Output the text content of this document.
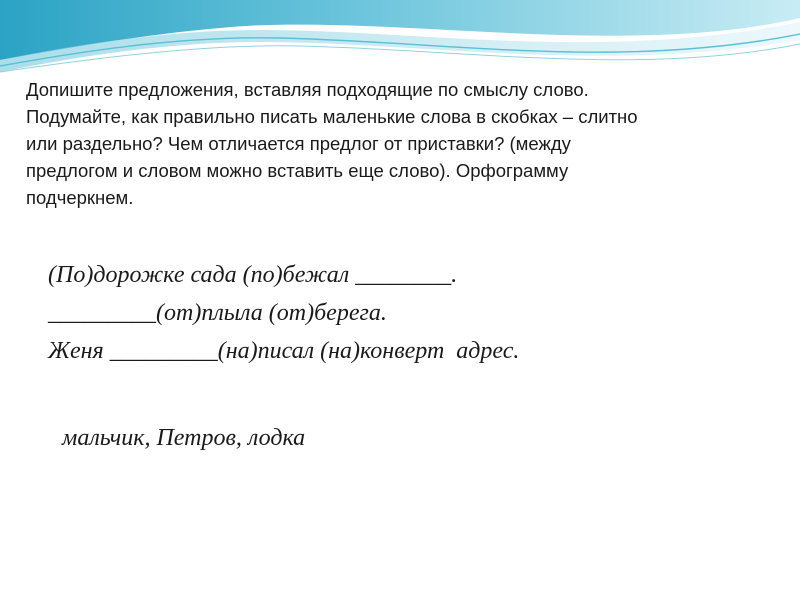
Допишите предложения, вставляя подходящие по смыслу слово.
Подумайте, как правильно писать маленькие слова в скобках – слитно
или раздельно? Чем отличается предлог от приставки? (между
предлогом и словом можно вставить еще слово). Орфограмму
подчеркнем.
(По)дорожке сада (по)бежал ________.
_________(от)плыла (от)берега.
Женя _________(на)писал (на)конверт  адрес.
мальчик, Петров, лодка
